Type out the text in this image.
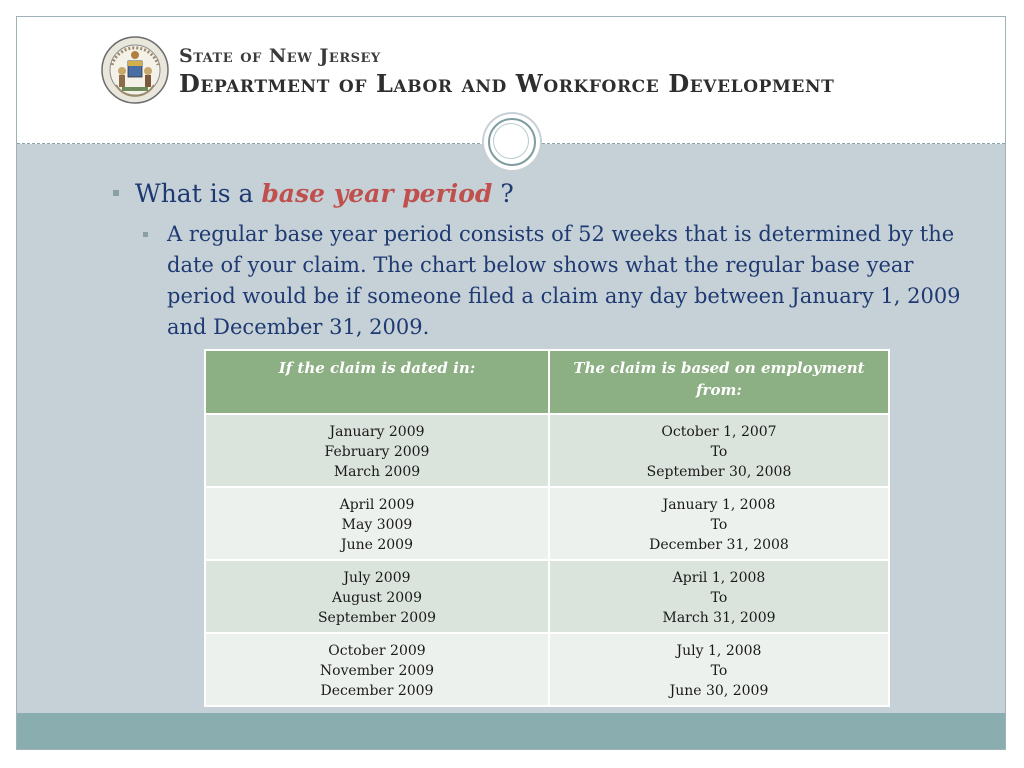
State of New Jersey
Department of Labor and Workforce Development
What is a base year period ?
A regular base year period consists of 52 weeks that is determined by the date of your claim. The chart below shows what the regular base year period would be if someone filed a claim any day between January 1, 2009 and December 31, 2009.
If the claim is dated in:	The claim is based on employment from:

January 2009
February 2009
March 2009	October 1, 2007
To
September 30, 2008

April 2009
May 3009
June 2009	January 1, 2008
To
December 31, 2008

July 2009
August 2009
September 2009	April 1, 2008
To
March 31, 2009

October 2009
November 2009
December 2009	July 1, 2008
To
June 30, 2009
